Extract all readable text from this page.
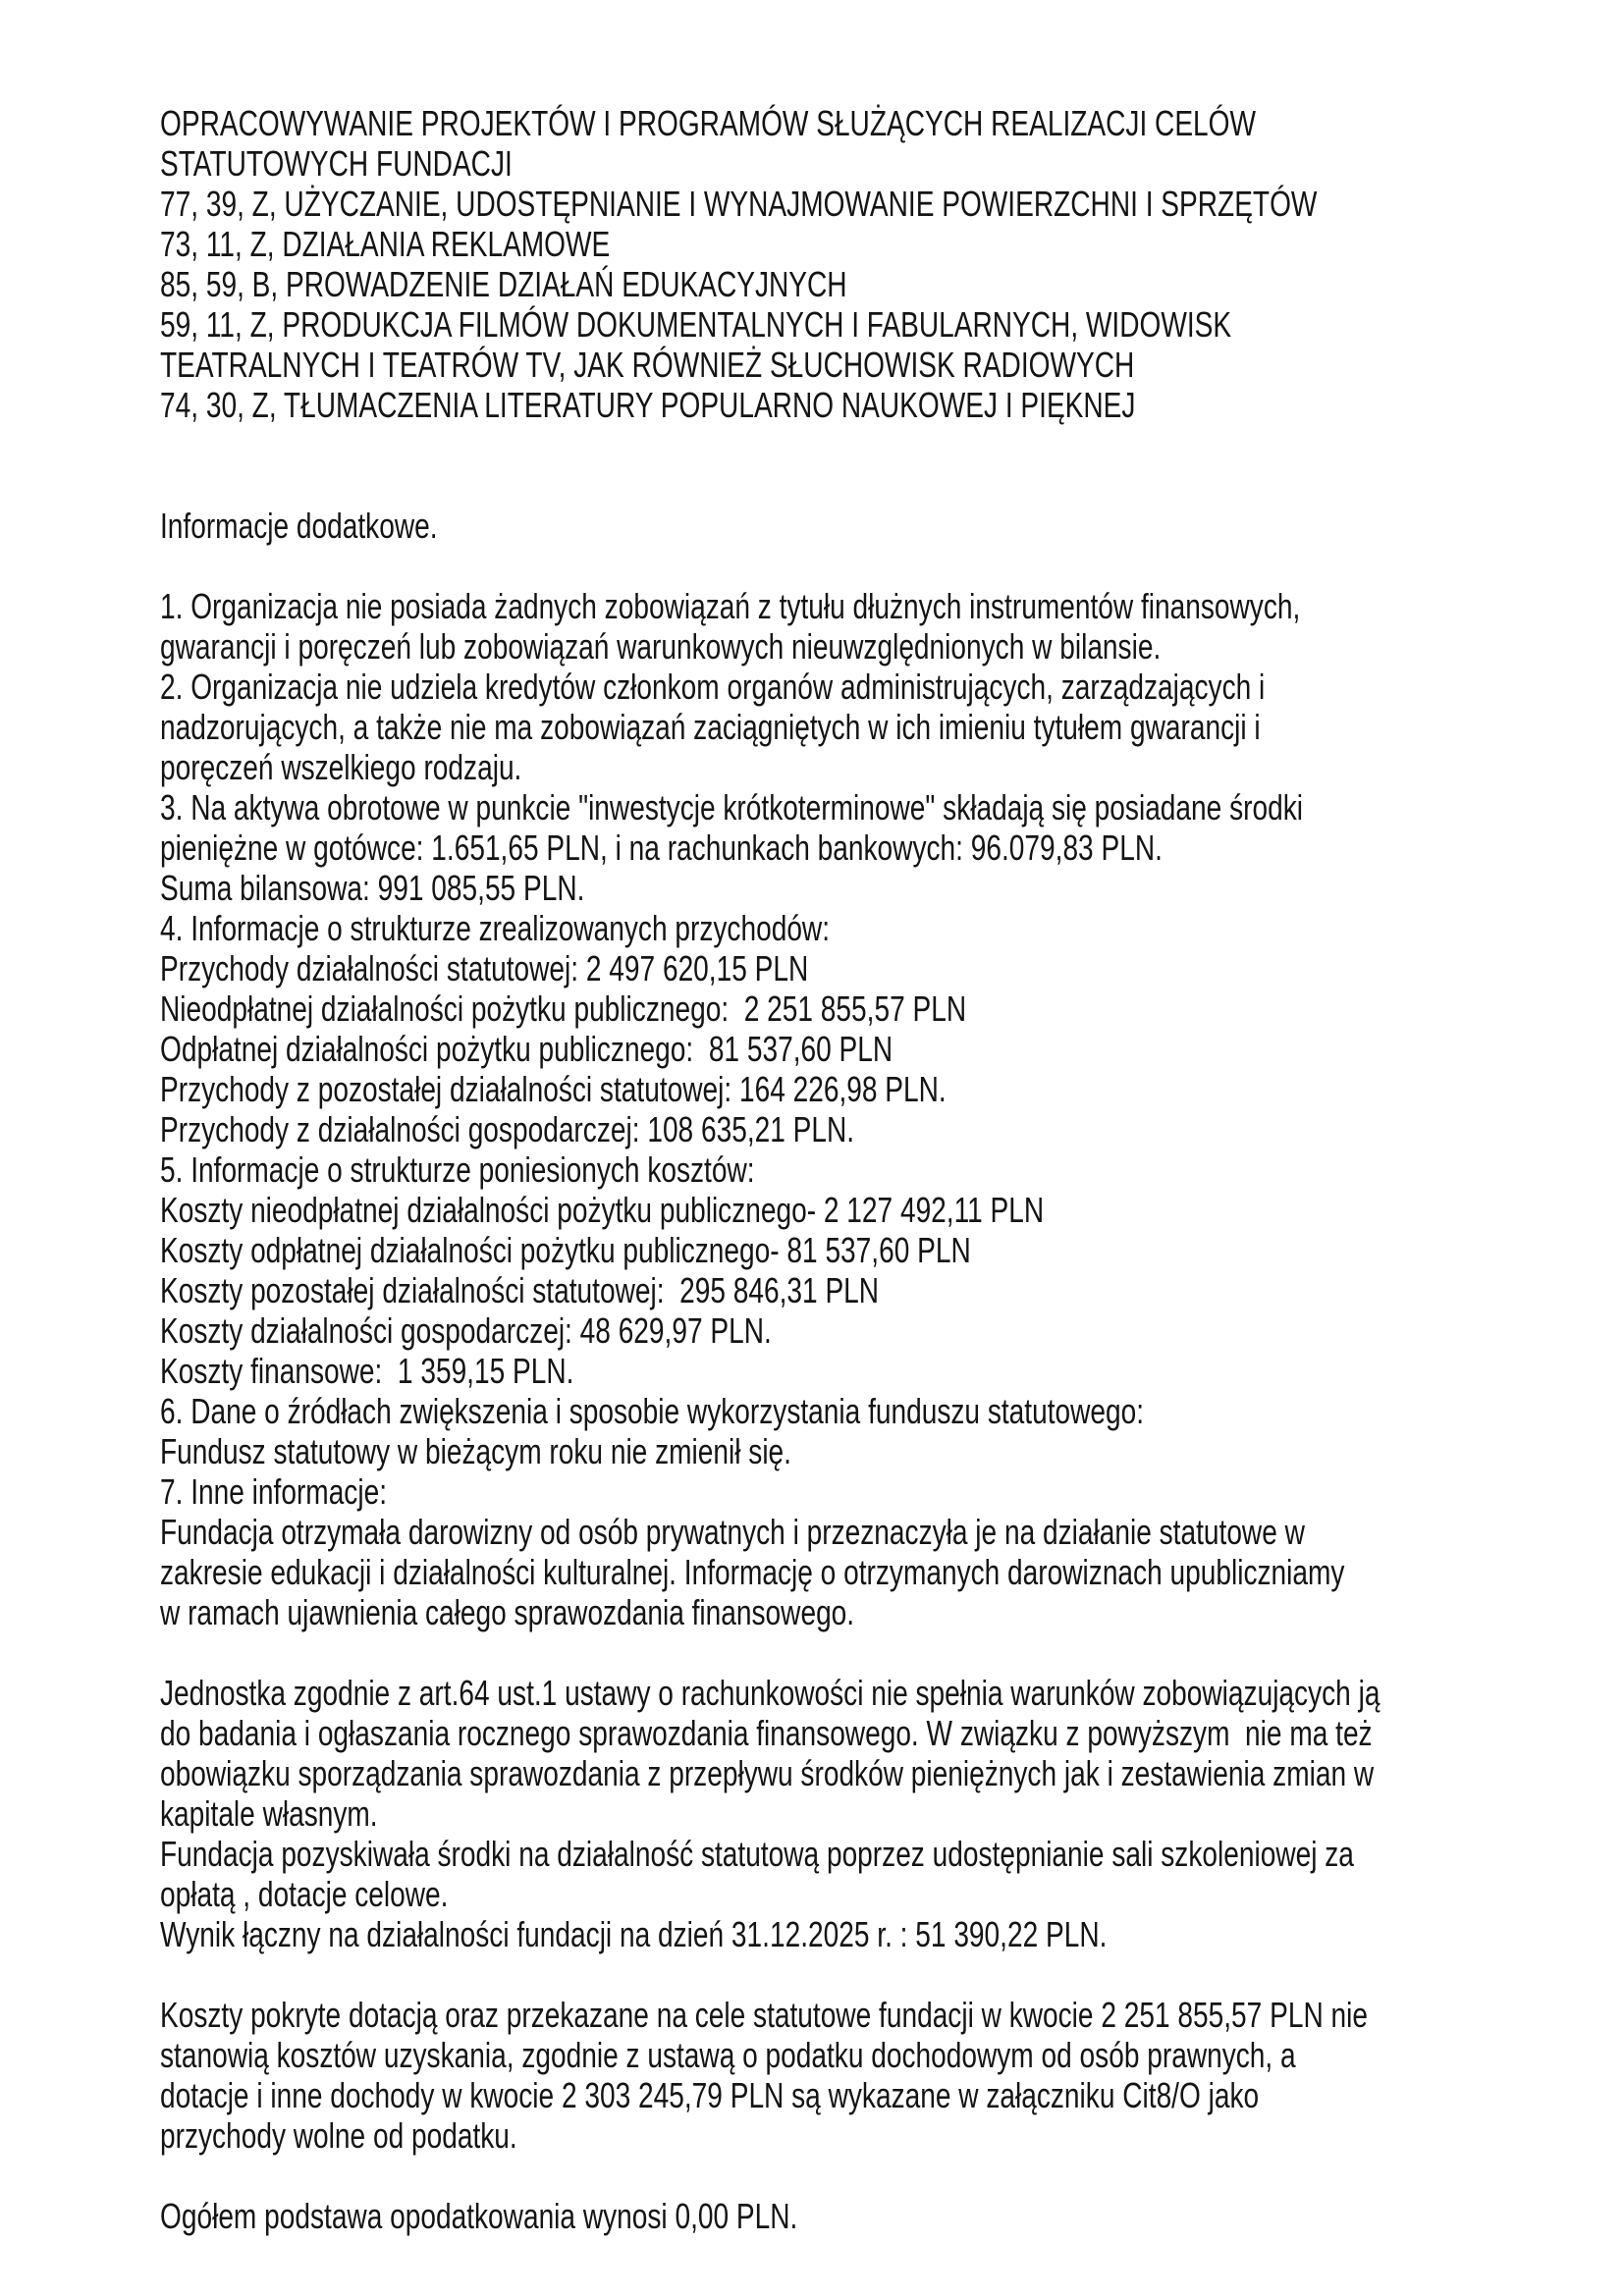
OPRACOWYWANIE PROJEKTÓW I PROGRAMÓW SŁUŻĄCYCH REALIZACJI CELÓW
STATUTOWYCH FUNDACJI
77, 39, Z, UŻYCZANIE, UDOSTĘPNIANIE I WYNAJMOWANIE POWIERZCHNI I SPRZĘTÓW
73, 11, Z, DZIAŁANIA REKLAMOWE
85, 59, B, PROWADZENIE DZIAŁAŃ EDUKACYJNYCH
59, 11, Z, PRODUKCJA FILMÓW DOKUMENTALNYCH I FABULARNYCH, WIDOWISK
TEATRALNYCH I TEATRÓW TV, JAK RÓWNIEŻ SŁUCHOWISK RADIOWYCH
74, 30, Z, TŁUMACZENIA LITERATURY POPULARNO NAUKOWEJ I PIĘKNEJ

Informacje dodatkowe.

1. Organizacja nie posiada żadnych zobowiązań z tytułu dłużnych instrumentów finansowych,
gwarancji i poręczeń lub zobowiązań warunkowych nieuwzględnionych w bilansie.
2. Organizacja nie udziela kredytów członkom organów administrujących, zarządzających i
nadzorujących, a także nie ma zobowiązań zaciągniętych w ich imieniu tytułem gwarancji i
poręczeń wszelkiego rodzaju.
3. Na aktywa obrotowe w punkcie "inwestycje krótkoterminowe" składają się posiadane środki
pieniężne w gotówce: 1.651,65 PLN, i na rachunkach bankowych: 96.079,83 PLN.
Suma bilansowa: 991 085,55 PLN.
4. Informacje o strukturze zrealizowanych przychodów:
Przychody działalności statutowej: 2 497 620,15 PLN
Nieodpłatnej działalności pożytku publicznego:  2 251 855,57 PLN
Odpłatnej działalności pożytku publicznego:  81 537,60 PLN
Przychody z pozostałej działalności statutowej: 164 226,98 PLN.
Przychody z działalności gospodarczej: 108 635,21 PLN.
5. Informacje o strukturze poniesionych kosztów:
Koszty nieodpłatnej działalności pożytku publicznego- 2 127 492,11 PLN
Koszty odpłatnej działalności pożytku publicznego- 81 537,60 PLN
Koszty pozostałej działalności statutowej:  295 846,31 PLN
Koszty działalności gospodarczej: 48 629,97 PLN.
Koszty finansowe:  1 359,15 PLN.
6. Dane o źródłach zwiększenia i sposobie wykorzystania funduszu statutowego:
Fundusz statutowy w bieżącym roku nie zmienił się.
7. Inne informacje:
Fundacja otrzymała darowizny od osób prywatnych i przeznaczyła je na działanie statutowe w
zakresie edukacji i działalności kulturalnej. Informację o otrzymanych darowiznach upubliczniamy
w ramach ujawnienia całego sprawozdania finansowego.

Jednostka zgodnie z art.64 ust.1 ustawy o rachunkowości nie spełnia warunków zobowiązujących ją
do badania i ogłaszania rocznego sprawozdania finansowego. W związku z powyższym  nie ma też
obowiązku sporządzania sprawozdania z przepływu środków pieniężnych jak i zestawienia zmian w
kapitale własnym.
Fundacja pozyskiwała środki na działalność statutową poprzez udostępnianie sali szkoleniowej za
opłatą , dotacje celowe.
Wynik łączny na działalności fundacji na dzień 31.12.2025 r. : 51 390,22 PLN.

Koszty pokryte dotacją oraz przekazane na cele statutowe fundacji w kwocie 2 251 855,57 PLN nie
stanowią kosztów uzyskania, zgodnie z ustawą o podatku dochodowym od osób prawnych, a
dotacje i inne dochody w kwocie 2 303 245,79 PLN są wykazane w załączniku Cit8/O jako
przychody wolne od podatku.

Ogółem podstawa opodatkowania wynosi 0,00 PLN.
